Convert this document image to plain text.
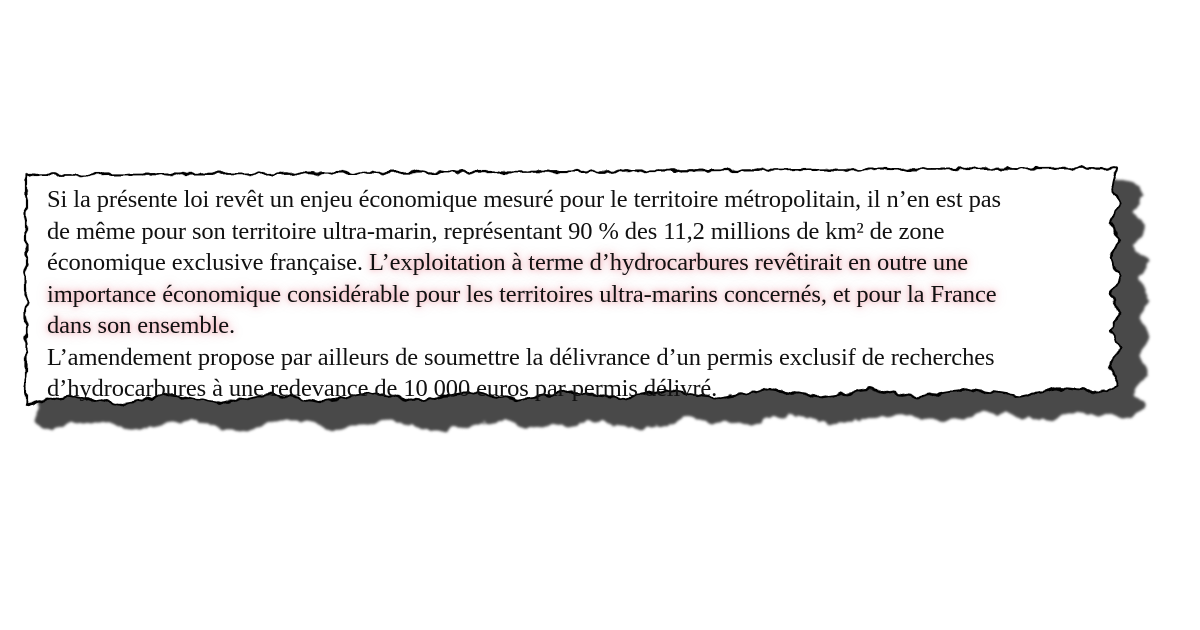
Si la présente loi revêt un enjeu économique mesuré pour le territoire métropolitain, il n’en est pas
de même pour son territoire ultra-marin, représentant 90 % des 11,2 millions de km² de zone
économique exclusive française. L’exploitation à terme d’hydrocarbures revêtirait en outre une
importance économique considérable pour les territoires ultra-marins concernés, et pour la France
dans son ensemble.

L’amendement propose par ailleurs de soumettre la délivrance d’un permis exclusif de recherches
d’hydrocarbures à une redevance de 10 000 euros par permis délivré.
